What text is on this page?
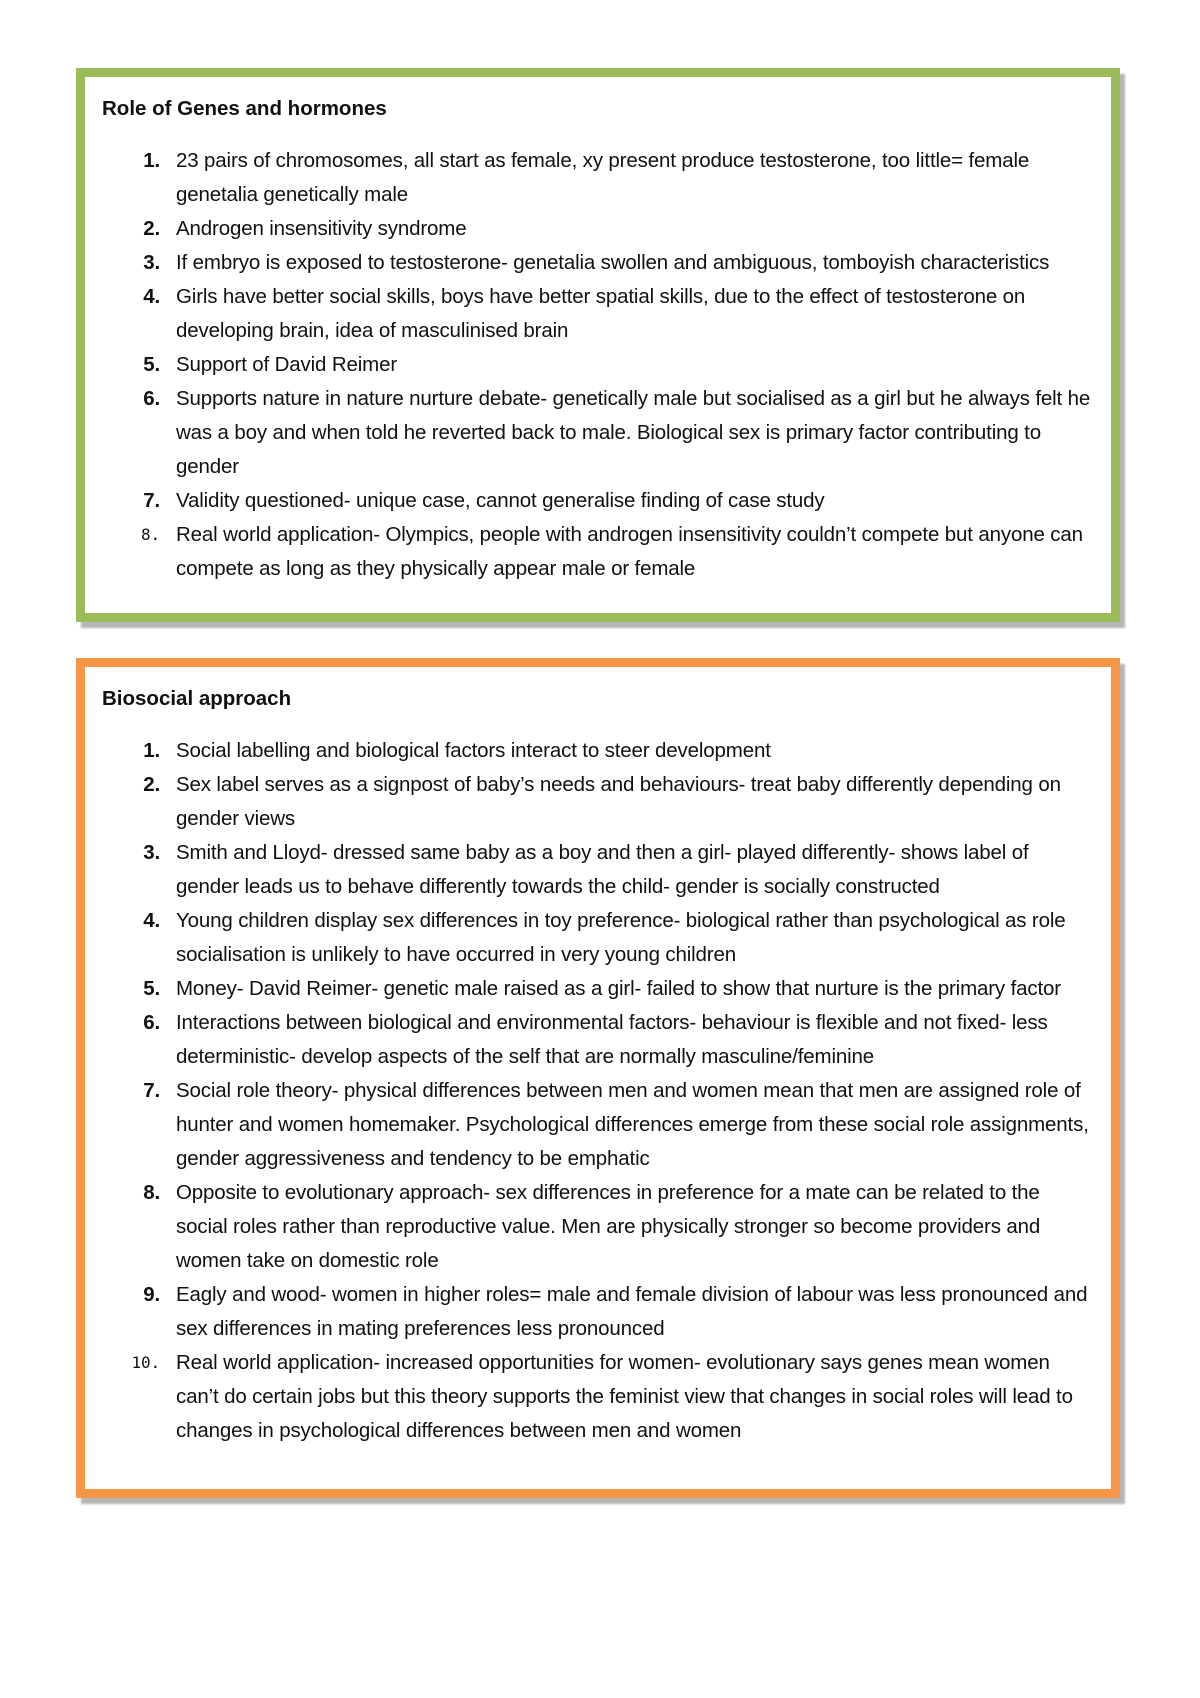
Role of Genes and hormones
1. 23 pairs of chromosomes, all start as female, xy present produce testosterone, too little= female genetalia genetically male
2. Androgen insensitivity syndrome
3. If embryo is exposed to testosterone- genetalia swollen and ambiguous, tomboyish characteristics
4. Girls have better social skills, boys have better spatial skills, due to the effect of testosterone on developing brain, idea of masculinised brain
5. Support of David Reimer
6. Supports nature in nature nurture debate- genetically male but socialised as a girl but he always felt he was a boy and when told he reverted back to male. Biological sex is primary factor contributing to gender
7. Validity questioned- unique case, cannot generalise finding of case study
8. Real world application- Olympics, people with androgen insensitivity couldn’t compete but anyone can compete as long as they physically appear male or female
Biosocial approach
1. Social labelling and biological factors interact to steer development
2. Sex label serves as a signpost of baby’s needs and behaviours- treat baby differently depending on gender views
3. Smith and Lloyd- dressed same baby as a boy and then a girl- played differently- shows label of gender leads us to behave differently towards the child- gender is socially constructed
4. Young children display sex differences in toy preference- biological rather than psychological as role socialisation is unlikely to have occurred in very young children
5. Money- David Reimer- genetic male raised as a girl- failed to show that nurture is the primary factor
6. Interactions between biological and environmental factors- behaviour is flexible and not fixed- less deterministic- develop aspects of the self that are normally masculine/feminine
7. Social role theory- physical differences between men and women mean that men are assigned role of hunter and women homemaker. Psychological differences emerge from these social role assignments, gender aggressiveness and tendency to be emphatic
8. Opposite to evolutionary approach- sex differences in preference for a mate can be related to the social roles rather than reproductive value. Men are physically stronger so become providers and women take on domestic role
9. Eagly and wood- women in higher roles= male and female division of labour was less pronounced and sex differences in mating preferences less pronounced
10. Real world application- increased opportunities for women- evolutionary says genes mean women can’t do certain jobs but this theory supports the feminist view that changes in social roles will lead to changes in psychological differences between men and women
